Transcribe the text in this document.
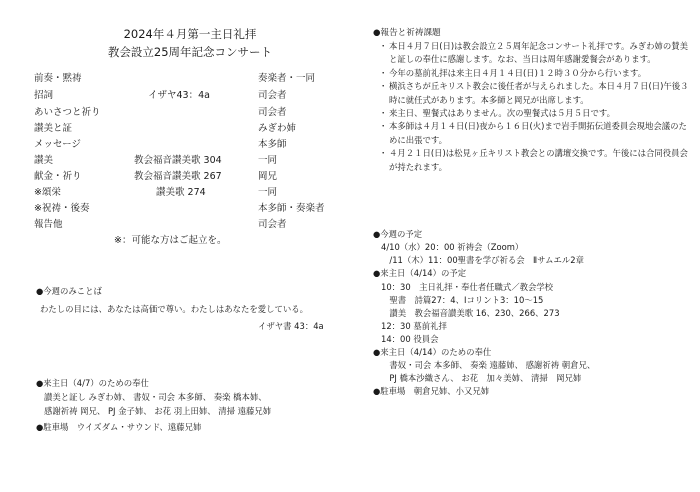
2024年４月第一主日礼拝
教会設立25周年記念コンサート
前奏・黙祷	奏楽者・一同
招詞	イザヤ43：4a	司会者
あいさつと祈り	司会者
讃美と証	みぎわ姉
メッセージ	本多師
讃美	教会福音讃美歌 304	一同
献金・祈り	教会福音讃美歌 267	岡兄
※頌栄	讃美歌 274	一同
※祝祷・後奏	本多師・奏楽者
報告他	司会者
※：可能な方はご起立を。
●今週のみことば
わたしの目には、あなたは高価で尊い。わたしはあなたを愛している。
イザヤ書 43：4a
●来主日（4/7）のための奉仕
讃美と証し みぎわ姉、 書奴・司会 本多師、 奏楽 橋本姉、
感謝祈祷 岡兄、 PJ 金子姉、 お花 羽上田姉、 清掃 遠藤兄姉
●駐車場　ウイズダム・サウンド、遠藤兄姉
●報告と祈祷課題
・ 本日４月７日(日)は教会設立２５周年記念コンサート礼拝です。みぎわ姉の賛美と証しの奉仕に感謝します。なお、当日は周年感謝愛餐会があります。
・ 今年の墓前礼拝は来主日４月１４日(日)１２時３０分から行います。
・ 横浜さちが丘キリスト教会に後任者が与えられました。本日４月７日(日)午後３時に就任式があります。本多師と岡兄が出席します。
・ 来主日、聖餐式はありません。次の聖餐式は５月５日です。
・ 本多師は４月１４日(日)夜から１６日(火)まで岩手開拓伝道委員会現地会議のために出張です。
・ ４月２１日(日)は松見ヶ丘キリスト教会との講壇交換です。午後には合同役員会が持たれます。
●今週の予定
4/10（水）20：00 祈祷会（Zoom）
　/11（木）11：00聖書を学び祈る会　Ⅱサムエル2章
●来主日（4/14）の予定
10：30　主日礼拝・奉仕者任職式／教会学校
　聖書　詩篇27：4、Ⅰコリント3：10～15
　讃美　教会福音讃美歌 16、230、266、273
12：30 墓前礼拝
14：00 役員会
●来主日（4/14）のための奉仕
　書奴・司会 本多師、 奏楽 遠藤姉、 感謝祈祷 朝倉兄、
　PJ 橋本沙織さん、 お花　加々美姉、 清掃　岡兄姉
●駐車場　朝倉兄姉、小又兄姉
